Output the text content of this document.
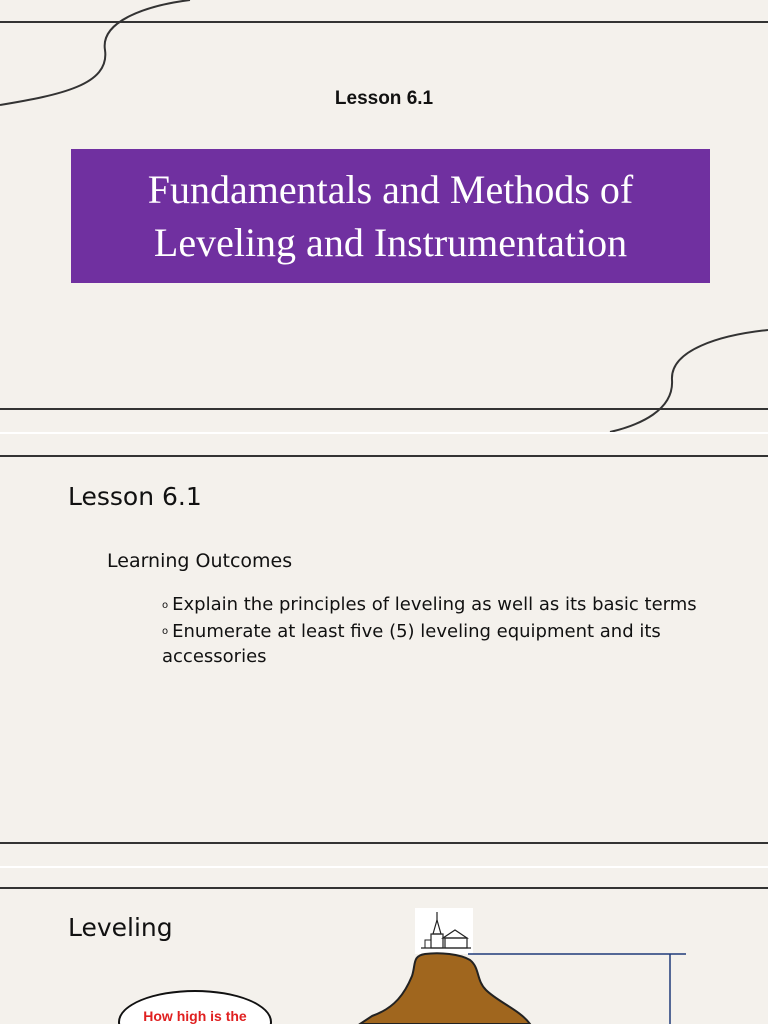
Lesson 6.1
Fundamentals and Methods of
Leveling and Instrumentation
Lesson 6.1
Learning Outcomes
o Explain the principles of leveling as well as its basic terms
o Enumerate at least five (5) leveling equipment and its accessories
Leveling
How high is the
